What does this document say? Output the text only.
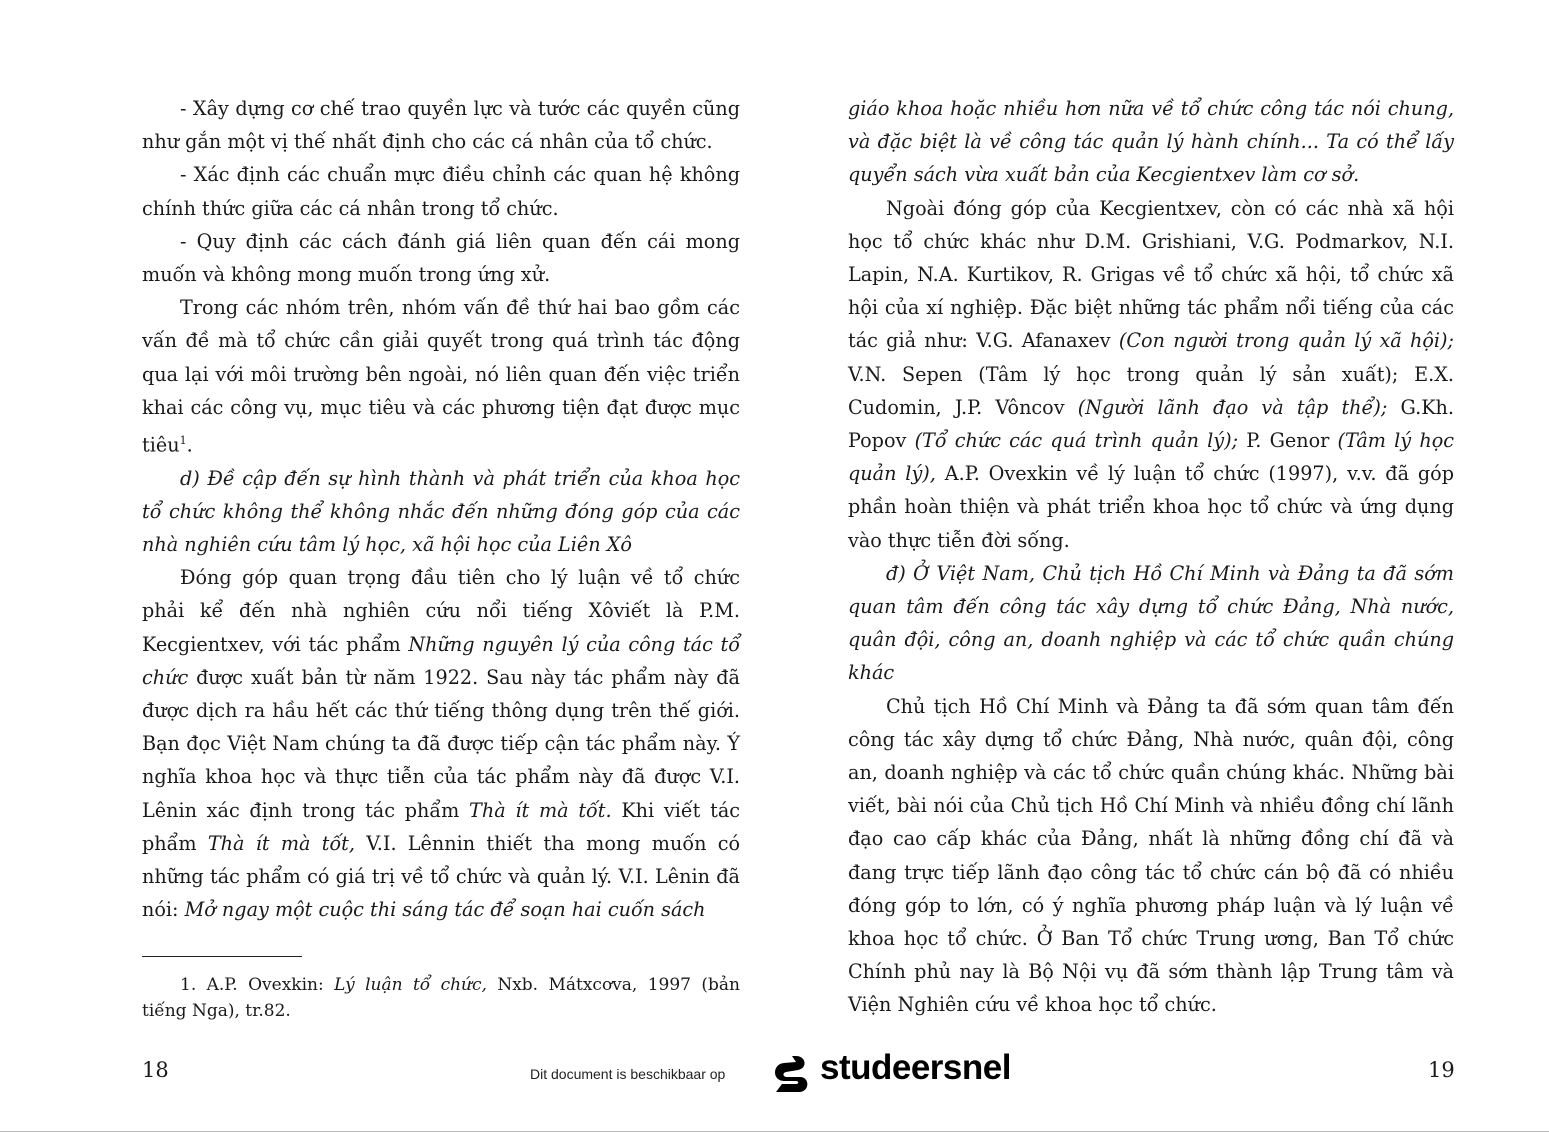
- Xây dựng cơ chế trao quyền lực và tước các quyền cũng như gắn một vị thế nhất định cho các cá nhân của tổ chức.

- Xác định các chuẩn mực điều chỉnh các quan hệ không chính thức giữa các cá nhân trong tổ chức.

- Quy định các cách đánh giá liên quan đến cái mong muốn và không mong muốn trong ứng xử.

Trong các nhóm trên, nhóm vấn đề thứ hai bao gồm các vấn đề mà tổ chức cần giải quyết trong quá trình tác động qua lại với môi trường bên ngoài, nó liên quan đến việc triển khai các công vụ, mục tiêu và các phương tiện đạt được mục tiêu$^1$.

d) Đề cập đến sự hình thành và phát triển của khoa học tổ chức không thể không nhắc đến những đóng góp của các nhà nghiên cứu tâm lý học, xã hội học của Liên Xô

Đóng góp quan trọng đầu tiên cho lý luận về tổ chức phải kể đến nhà nghiên cứu nổi tiếng Xôviết là P.M. Kecgientxev, với tác phẩm Những nguyên lý của công tác tổ chức được xuất bản từ năm 1922. Sau này tác phẩm này đã được dịch ra hầu hết các thứ tiếng thông dụng trên thế giới. Bạn đọc Việt Nam chúng ta đã được tiếp cận tác phẩm này. Ý nghĩa khoa học và thực tiễn của tác phẩm này đã được V.I. Lênin xác định trong tác phẩm Thà ít mà tốt. Khi viết tác phẩm Thà ít mà tốt, V.I. Lênnin thiết tha mong muốn có những tác phẩm có giá trị về tổ chức và quản lý. V.I. Lênin đã nói: Mở ngay một cuộc thi sáng tác để soạn hai cuốn sách

1. A.P. Ovexkin: Lý luận tổ chức, Nxb. Mátxcơva, 1997 (bản tiếng Nga), tr.82.

giáo khoa hoặc nhiều hơn nữa về tổ chức công tác nói chung, và đặc biệt là về công tác quản lý hành chính... Ta có thể lấy quyển sách vừa xuất bản của Kecgientxev làm cơ sở.

Ngoài đóng góp của Kecgientxev, còn có các nhà xã hội học tổ chức khác như D.M. Grishiani, V.G. Podmarkov, N.I. Lapin, N.A. Kurtikov, R. Grigas về tổ chức xã hội, tổ chức xã hội của xí nghiệp. Đặc biệt những tác phẩm nổi tiếng của các tác giả như: V.G. Afanaxev (Con người trong quản lý xã hội); V.N. Sepen (Tâm lý học trong quản lý sản xuất); E.X. Cudomin, J.P. Vôncov (Người lãnh đạo và tập thể); G.Kh. Popov (Tổ chức các quá trình quản lý); P. Genor (Tâm lý học quản lý), A.P. Ovexkin về lý luận tổ chức (1997), v.v. đã góp phần hoàn thiện và phát triển khoa học tổ chức và ứng dụng vào thực tiễn đời sống.

đ) Ở Việt Nam, Chủ tịch Hồ Chí Minh và Đảng ta đã sớm quan tâm đến công tác xây dựng tổ chức Đảng, Nhà nước, quân đội, công an, doanh nghiệp và các tổ chức quần chúng khác

Chủ tịch Hồ Chí Minh và Đảng ta đã sớm quan tâm đến công tác xây dựng tổ chức Đảng, Nhà nước, quân đội, công an, doanh nghiệp và các tổ chức quần chúng khác. Những bài viết, bài nói của Chủ tịch Hồ Chí Minh và nhiều đồng chí lãnh đạo cao cấp khác của Đảng, nhất là những đồng chí đã và đang trực tiếp lãnh đạo công tác tổ chức cán bộ đã có nhiều đóng góp to lớn, có ý nghĩa phương pháp luận và lý luận về khoa học tổ chức. Ở Ban Tổ chức Trung ương, Ban Tổ chức Chính phủ nay là Bộ Nội vụ đã sớm thành lập Trung tâm và Viện Nghiên cứu về khoa học tổ chức.

18	19
Dit document is beschikbaar op	studeersnel
